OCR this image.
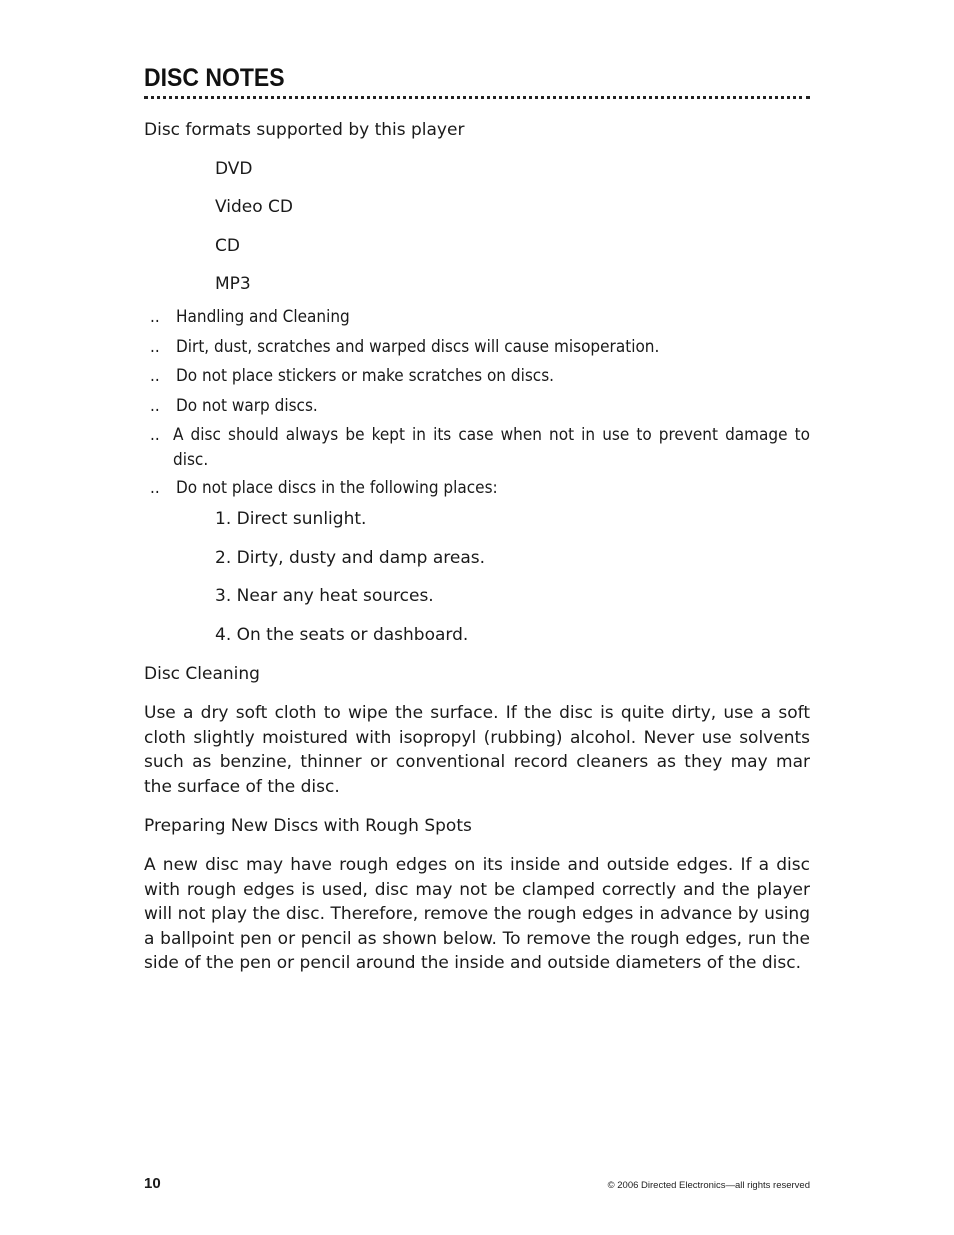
DISC NOTES
Disc formats supported by this player
DVD
Video CD
CD
MP3
.. Handling and Cleaning
.. Dirt, dust, scratches and warped discs will cause misoperation.
.. Do not place stickers or make scratches on discs.
.. Do not warp discs.
.. A disc should always be kept in its case when not in use to prevent damage to disc.
.. Do not place discs in the following places:
1. Direct sunlight.
2. Dirty, dusty and damp areas.
3. Near any heat sources.
4. On the seats or dashboard.
Disc Cleaning
Use a dry soft cloth to wipe the surface. If the disc is quite dirty, use a soft cloth slightly moistured with isopropyl (rubbing) alcohol. Never use solvents such as benzine, thinner or conventional record cleaners as they may mar the surface of the disc.
Preparing New Discs with Rough Spots
A new disc may have rough edges on its inside and outside edges. If a disc with rough edges is used, disc may not be clamped correctly and the player will not play the disc. Therefore, remove the rough edges in advance by using a ballpoint pen or pencil as shown below. To remove the rough edges, run the side of the pen or pencil around the inside and outside diameters of the disc.
10	© 2006 Directed Electronics—all rights reserved
